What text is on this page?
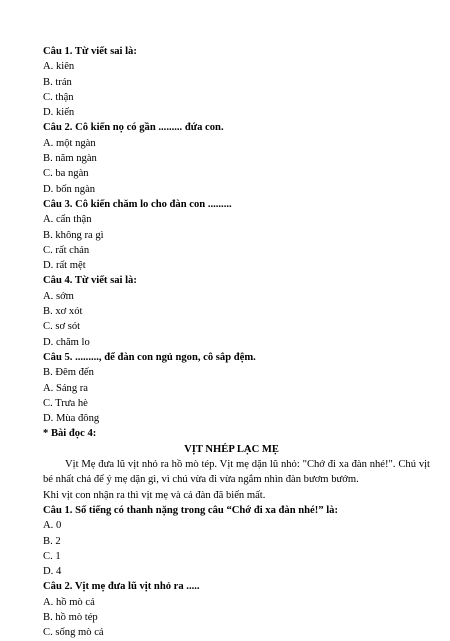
Câu 1. Từ viết sai là:
A. kiên
B. trán
C. thận
D. kiến
Câu 2. Cô kiến nọ có gần ......... đứa con.
A. một ngàn
B. năm ngàn
C. ba ngàn
D. bốn ngàn
Câu 3. Cô kiến chăm lo cho đàn con .........
A. cẩn thận
B. không ra gì
C. rất chán
D. rất mệt
Câu 4. Từ viết sai là:
A. sớm
B. xơ xót
C. sơ sót
D. chăm lo
Câu 5. ........., để đàn con ngủ ngon, cô sắp đệm.
B. Đêm đến
A. Sáng ra
C. Trưa hè
D. Mùa đông
* Bài đọc 4:
VỊT NHÉP LẠC MẸ
Vịt Mẹ đưa lũ vịt nhỏ ra hồ mò tép. Vịt mẹ dặn lũ nhỏ: "Chớ đi xa đàn nhé!". Chú vịt bé nhất chả để ý mẹ dặn gì, vì chú vừa đi vừa ngắm nhìn đàn bươm bướm.
Khi vịt con nhận ra thì vịt mẹ và cả đàn đã biến mất.
Câu 1. Số tiếng có thanh nặng trong câu “Chớ đi xa đàn nhé!” là:
A. 0
B. 2
C. 1
D. 4
Câu 2. Vịt mẹ đưa lũ vịt nhỏ ra .....
A. hồ mò cá
B. hồ mò tép
C. sống mò cá
